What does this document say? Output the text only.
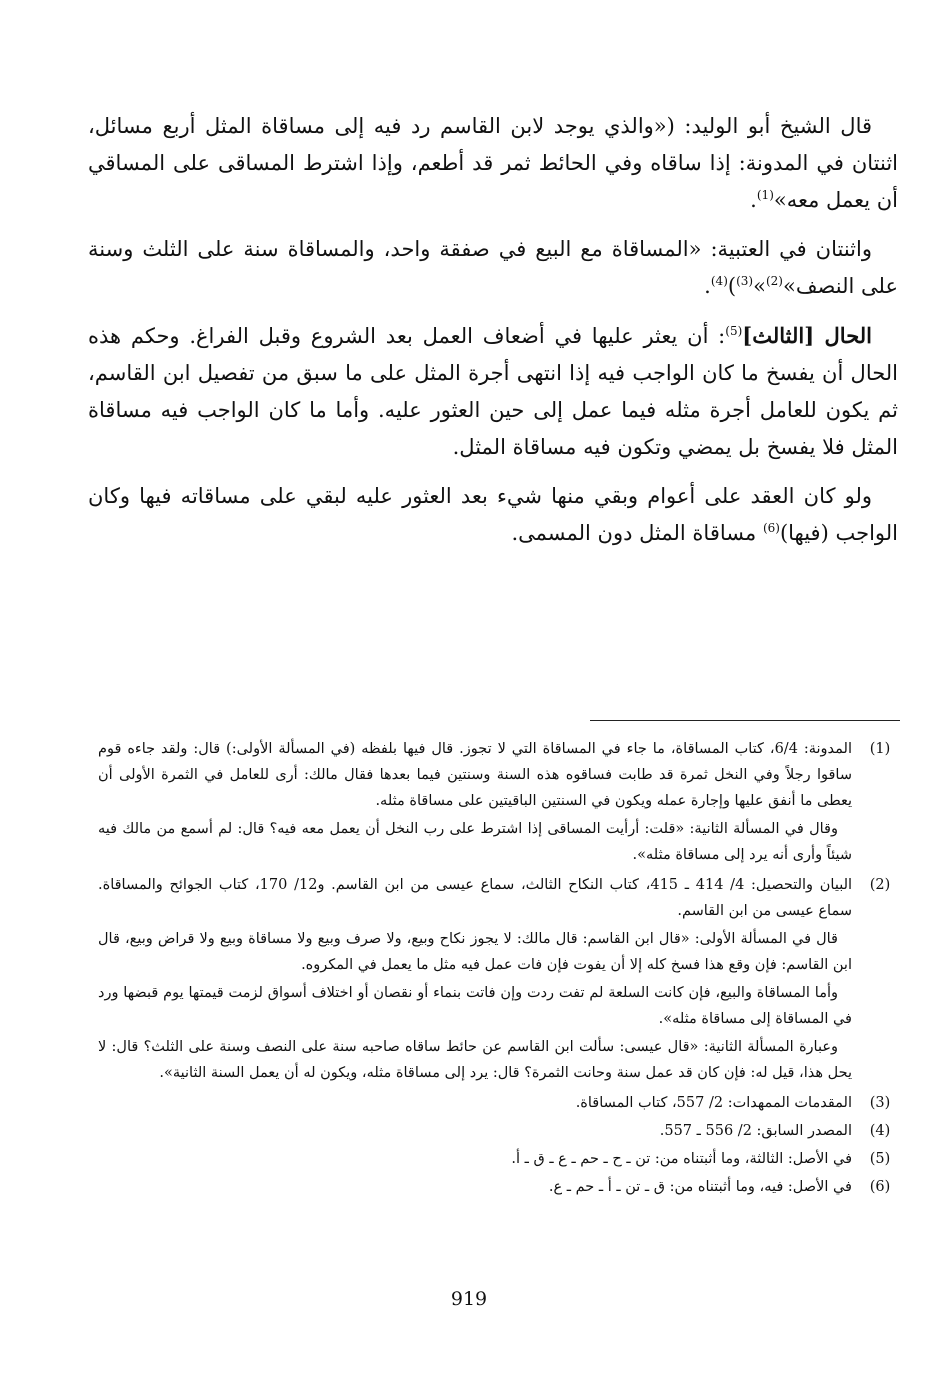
قال الشيخ أبو الوليد: («والذي يوجد لابن القاسم رد فيه إلى مساقاة المثل أربع مسائل، اثنتان في المدونة: إذا ساقاه وفي الحائط ثمر قد أطعم، وإذا اشترط المساقى على المساقي أن يعمل معه»$^{(1)}$.

واثنتان في العتبية: «المساقاة مع البيع في صفقة واحد، والمساقاة سنة على الثلث وسنة على النصف»$^{(2)}$»$^{(3)}$)$^{(4)}$.

الحال [الثالث]$^{(5)}$: أن يعثر عليها في أضعاف العمل بعد الشروع وقبل الفراغ. وحكم هذه الحال أن يفسخ ما كان الواجب فيه إذا انتهى أجرة المثل على ما سبق من تفصيل ابن القاسم، ثم يكون للعامل أجرة مثله فيما عمل إلى حين العثور عليه. وأما ما كان الواجب فيه مساقاة المثل فلا يفسخ بل يمضي وتكون فيه مساقاة المثل.

ولو كان العقد على أعوام وبقي منها شيء بعد العثور عليه لبقي على مساقاته فيها وكان الواجب (فيها)$^{(6)}$ مساقاة المثل دون المسمى.

(1)

المدونة: 6/4، كتاب المساقاة، ما جاء في المساقاة التي لا تجوز. قال فيها بلفظه (في المسألة الأولى:) قال: ولقد جاءه قوم ساقوا رجلاً وفي النخل ثمرة قد طابت فساقوه هذه السنة وسنتين فيما بعدها فقال مالك: أرى للعامل في الثمرة الأولى أن يعطى ما أنفق عليها وإجارة عمله ويكون في السنتين الباقيتين على مساقاة مثله.

وقال في المسألة الثانية: «قلت: أرأيت المساقى إذا اشترط على رب النخل أن يعمل معه فيه؟ قال: لم أسمع من مالك فيه شيئاً وأرى أنه يرد إلى مساقاة مثله».

(2)

البيان والتحصيل: 4/ 414 ـ 415، كتاب النكاح الثالث، سماع عيسى من ابن القاسم. و12/ 170، كتاب الجوائح والمساقاة. سماع عيسى من ابن القاسم.

قال في المسألة الأولى: «قال ابن القاسم: قال مالك: لا يجوز نكاح وبيع، ولا صرف وبيع ولا مساقاة وبيع ولا قراض وبيع، قال ابن القاسم: فإن وقع هذا فسخ كله إلا أن يفوت فإن فات عمل فيه مثل ما يعمل في المكروه.

وأما المساقاة والبيع، فإن كانت السلعة لم تفت ردت وإن فاتت بنماء أو نقصان أو اختلاف أسواق لزمت قيمتها يوم قبضها ورد في المساقاة إلى مساقاة مثله».

وعبارة المسألة الثانية: «قال عيسى: سألت ابن القاسم عن حائط ساقاه صاحبه سنة على النصف وسنة على الثلث؟ قال: لا يحل هذا، قيل له: فإن كان قد عمل سنة وحانت الثمرة؟ قال: يرد إلى مساقاة مثله، ويكون له أن يعمل السنة الثانية».

(3)

المقدمات الممهدات: 2/ 557، كتاب المساقاة.

(4)

المصدر السابق: 2/ 556 ـ 557.

(5)

في الأصل: الثالثة، وما أثبتناه من: تن ـ ح ـ حم ـ ع ـ ق ـ أ.

(6)

في الأصل: فيه، وما أثبتناه من: ق ـ تن ـ أ ـ حم ـ ع.

919
